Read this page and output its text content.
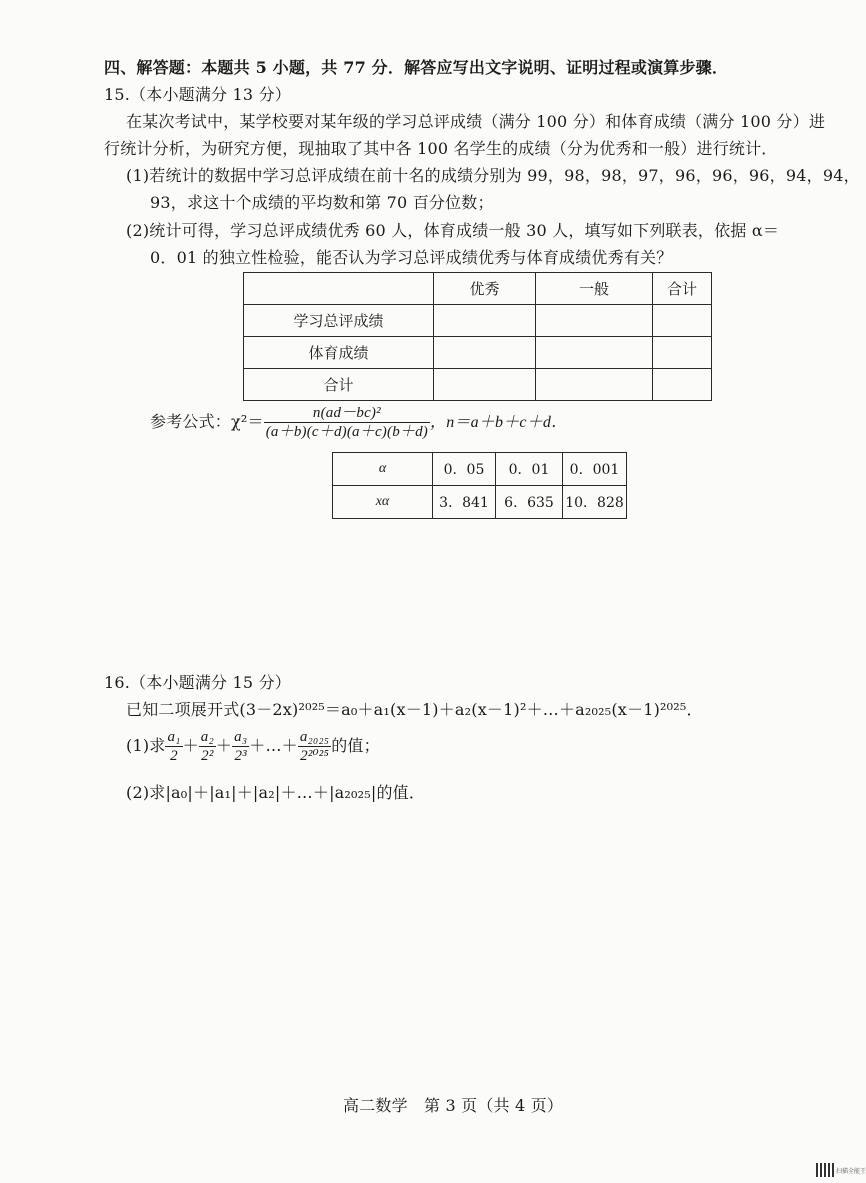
四、解答题：本题共 5 小题，共 77 分．解答应写出文字说明、证明过程或演算步骤．
15.（本小题满分 13 分）
在某次考试中，某学校要对某年级的学习总评成绩（满分 100 分）和体育成绩（满分 100 分）进
行统计分析，为研究方便，现抽取了其中各 100 名学生的成绩（分为优秀和一般）进行统计．
(1)若统计的数据中学习总评成绩在前十名的成绩分别为 99，98，98，97，96，96，96，94，94，
93，求这十个成绩的平均数和第 70 百分位数；
(2)统计可得，学习总评成绩优秀 60 人，体育成绩一般 30 人，填写如下列联表，依据 α＝
0．01 的独立性检验，能否认为学习总评成绩优秀与体育成绩优秀有关？
	优秀	一般	合计
学习总评成绩			
体育成绩			
合计			
参考公式：$\chi^2= \frac{\text{n(ad－bc)²}}{(a+b)(c+d)(a+c)(b+d)}$ ，n＝a＋b＋c＋d．
α	0．05	0．01	0．001
xα	3．841	6．635	10．828
16.（本小题满分 15 分）
已知二项展开式(3－2x)²⁰²⁵＝a₀＋a₁(x－1)＋a₂(x－1)²＋…＋a₂₀₂₅(x－1)²⁰²⁵．
(1)求 $\frac{\text{a₁}}{2} + \frac{\text{a₂}}{\text{2²}} + \frac{\text{a₃}}{\text{2³}}$ ＋…＋ $\frac{\text{a₂₀₂₅}}{\text{2²⁰²⁵}}$ 的值；
(2)求|a₀|＋|a₁|＋|a₂|＋…＋|a₂₀₂₅|的值．
高二数学　第 3 页（共 4 页）
扫描全能王
